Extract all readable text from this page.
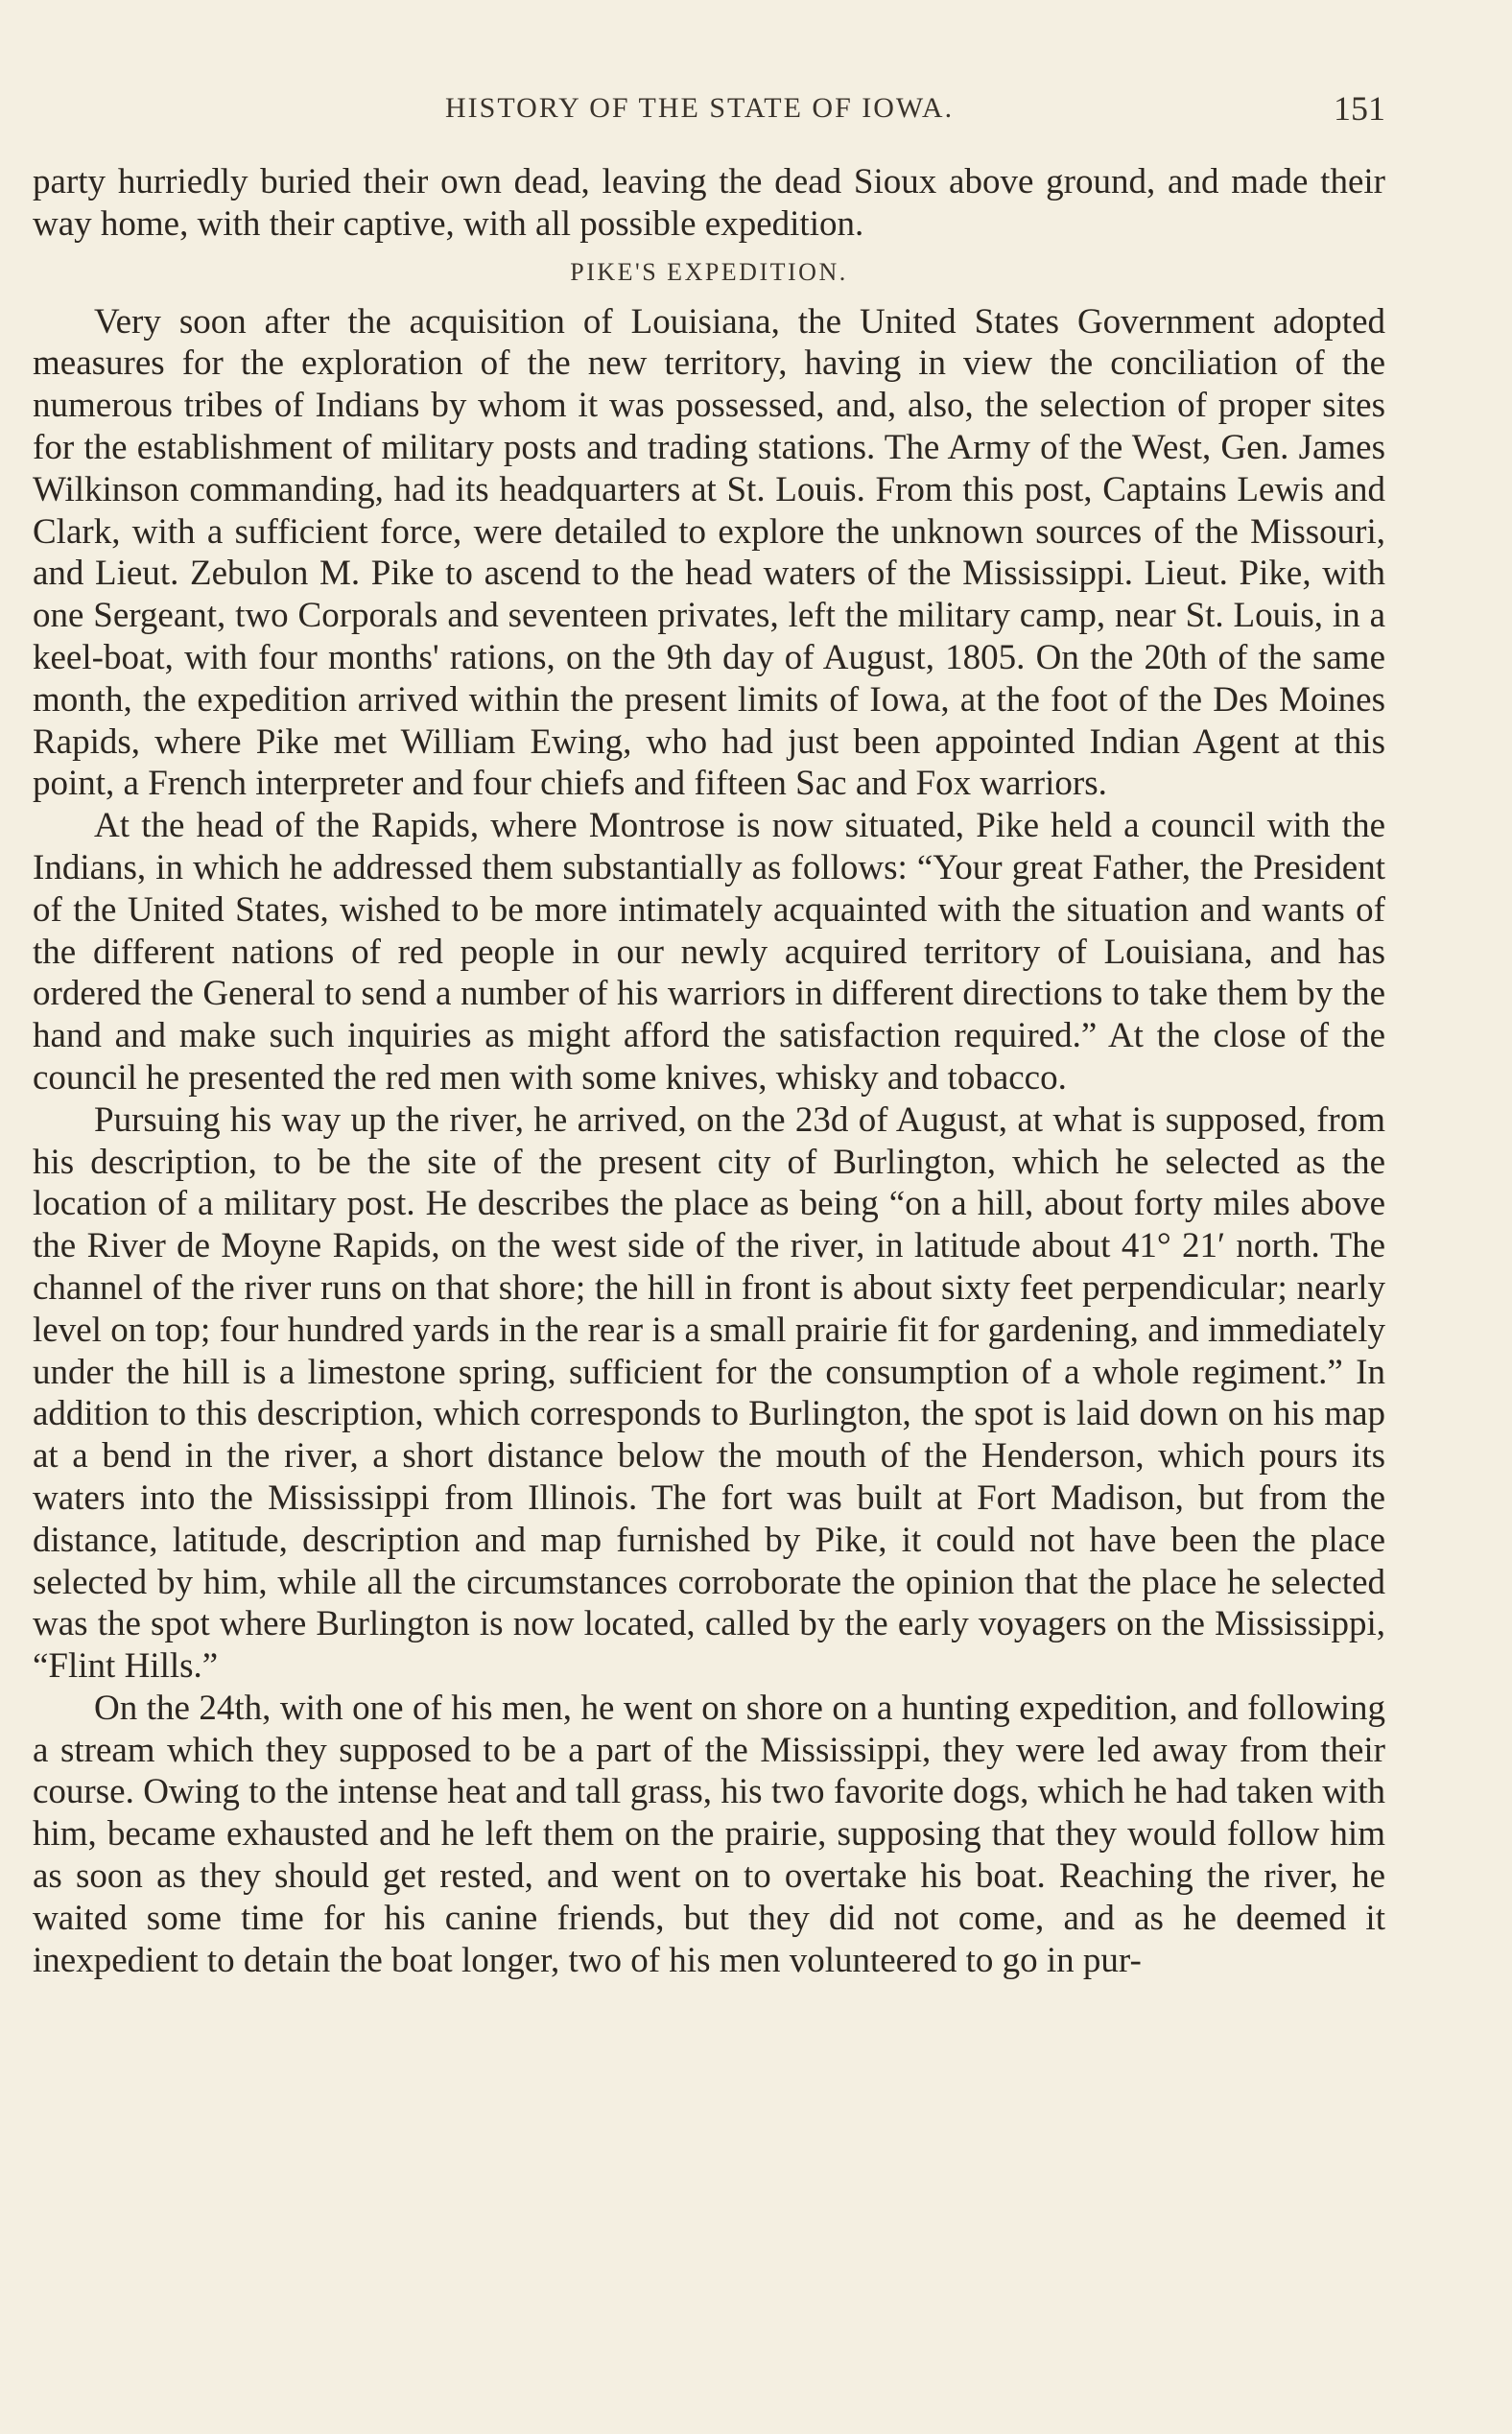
HISTORY OF THE STATE OF IOWA.	151

party hurriedly buried their own dead, leaving the dead Sioux above ground, and made their way home, with their captive, with all possible expedition.

PIKE'S EXPEDITION.

Very soon after the acquisition of Louisiana, the United States Government adopted measures for the exploration of the new territory, having in view the conciliation of the numerous tribes of Indians by whom it was possessed, and, also, the selection of proper sites for the establishment of military posts and trading stations. The Army of the West, Gen. James Wilkinson commanding, had its headquarters at St. Louis. From this post, Captains Lewis and Clark, with a sufficient force, were detailed to explore the unknown sources of the Missouri, and Lieut. Zebulon M. Pike to ascend to the head waters of the Mississippi. Lieut. Pike, with one Sergeant, two Corporals and seventeen privates, left the military camp, near St. Louis, in a keel-boat, with four months' rations, on the 9th day of August, 1805. On the 20th of the same month, the expedition arrived within the present limits of Iowa, at the foot of the Des Moines Rapids, where Pike met William Ewing, who had just been appointed Indian Agent at this point, a French interpreter and four chiefs and fifteen Sac and Fox warriors.

At the head of the Rapids, where Montrose is now situated, Pike held a council with the Indians, in which he addressed them substantially as follows: “Your great Father, the President of the United States, wished to be more intimately acquainted with the situation and wants of the different nations of red people in our newly acquired territory of Louisiana, and has ordered the General to send a number of his warriors in different directions to take them by the hand and make such inquiries as might afford the satisfaction required.” At the close of the council he presented the red men with some knives, whisky and tobacco.

Pursuing his way up the river, he arrived, on the 23d of August, at what is supposed, from his description, to be the site of the present city of Burlington, which he selected as the location of a military post. He describes the place as being “on a hill, about forty miles above the River de Moyne Rapids, on the west side of the river, in latitude about 41° 21′ north. The channel of the river runs on that shore; the hill in front is about sixty feet perpendicular; nearly level on top; four hundred yards in the rear is a small prairie fit for gardening, and immediately under the hill is a limestone spring, sufficient for the consumption of a whole regiment.” In addition to this description, which corresponds to Burlington, the spot is laid down on his map at a bend in the river, a short distance below the mouth of the Henderson, which pours its waters into the Mississippi from Illinois. The fort was built at Fort Madison, but from the distance, latitude, description and map furnished by Pike, it could not have been the place selected by him, while all the circumstances corroborate the opinion that the place he selected was the spot where Burlington is now located, called by the early voyagers on the Mississippi, “Flint Hills.”

On the 24th, with one of his men, he went on shore on a hunting expedition, and following a stream which they supposed to be a part of the Mississippi, they were led away from their course. Owing to the intense heat and tall grass, his two favorite dogs, which he had taken with him, became exhausted and he left them on the prairie, supposing that they would follow him as soon as they should get rested, and went on to overtake his boat. Reaching the river, he waited some time for his canine friends, but they did not come, and as he deemed it inexpedient to detain the boat longer, two of his men volunteered to go in pur-
